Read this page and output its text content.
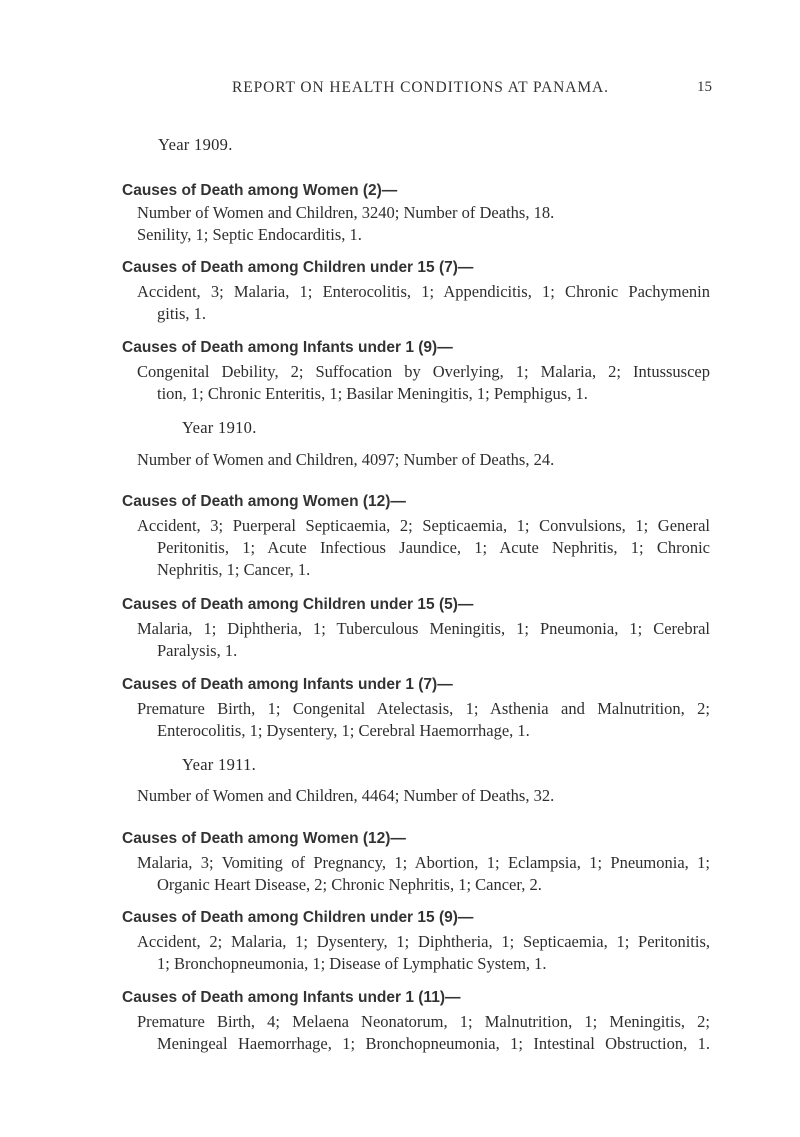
REPORT ON HEALTH CONDITIONS AT PANAMA.	15
Year 1909.
Causes of Death among Women (2)—
Number of Women and Children, 3240; Number of Deaths, 18.
Senility, 1; Septic Endocarditis, 1.
Causes of Death among Children under 15 (7)—
Accident, 3; Malaria, 1; Enterocolitis, 1; Appendicitis, 1; Chronic Pachymenin
gitis, 1.
Causes of Death among Infants under 1 (9)—
Congenital Debility, 2; Suffocation by Overlying, 1; Malaria, 2; Intussuscep
tion, 1; Chronic Enteritis, 1; Basilar Meningitis, 1; Pemphigus, 1.
Year 1910.
Number of Women and Children, 4097; Number of Deaths, 24.
Causes of Death among Women (12)—
Accident, 3; Puerperal Septicaemia, 2; Septicaemia, 1; Convulsions, 1; General
Peritonitis, 1; Acute Infectious Jaundice, 1; Acute Nephritis, 1; Chronic
Nephritis, 1; Cancer, 1.
Causes of Death among Children under 15 (5)—
Malaria, 1; Diphtheria, 1; Tuberculous Meningitis, 1; Pneumonia, 1; Cerebral
Paralysis, 1.
Causes of Death among Infants under 1 (7)—
Premature Birth, 1; Congenital Atelectasis, 1; Asthenia and Malnutrition, 2;
Enterocolitis, 1; Dysentery, 1; Cerebral Haemorrhage, 1.
Year 1911.
Number of Women and Children, 4464; Number of Deaths, 32.
Causes of Death among Women (12)—
Malaria, 3; Vomiting of Pregnancy, 1; Abortion, 1; Eclampsia, 1; Pneumonia, 1;
Organic Heart Disease, 2; Chronic Nephritis, 1; Cancer, 2.
Causes of Death among Children under 15 (9)—
Accident, 2; Malaria, 1; Dysentery, 1; Diphtheria, 1; Septicaemia, 1; Peritonitis,
1; Bronchopneumonia, 1; Disease of Lymphatic System, 1.
Causes of Death among Infants under 1 (11)—
Premature Birth, 4; Melaena Neonatorum, 1; Malnutrition, 1; Meningitis, 2;
Meningeal Haemorrhage, 1; Bronchopneumonia, 1; Intestinal Obstruction, 1.
